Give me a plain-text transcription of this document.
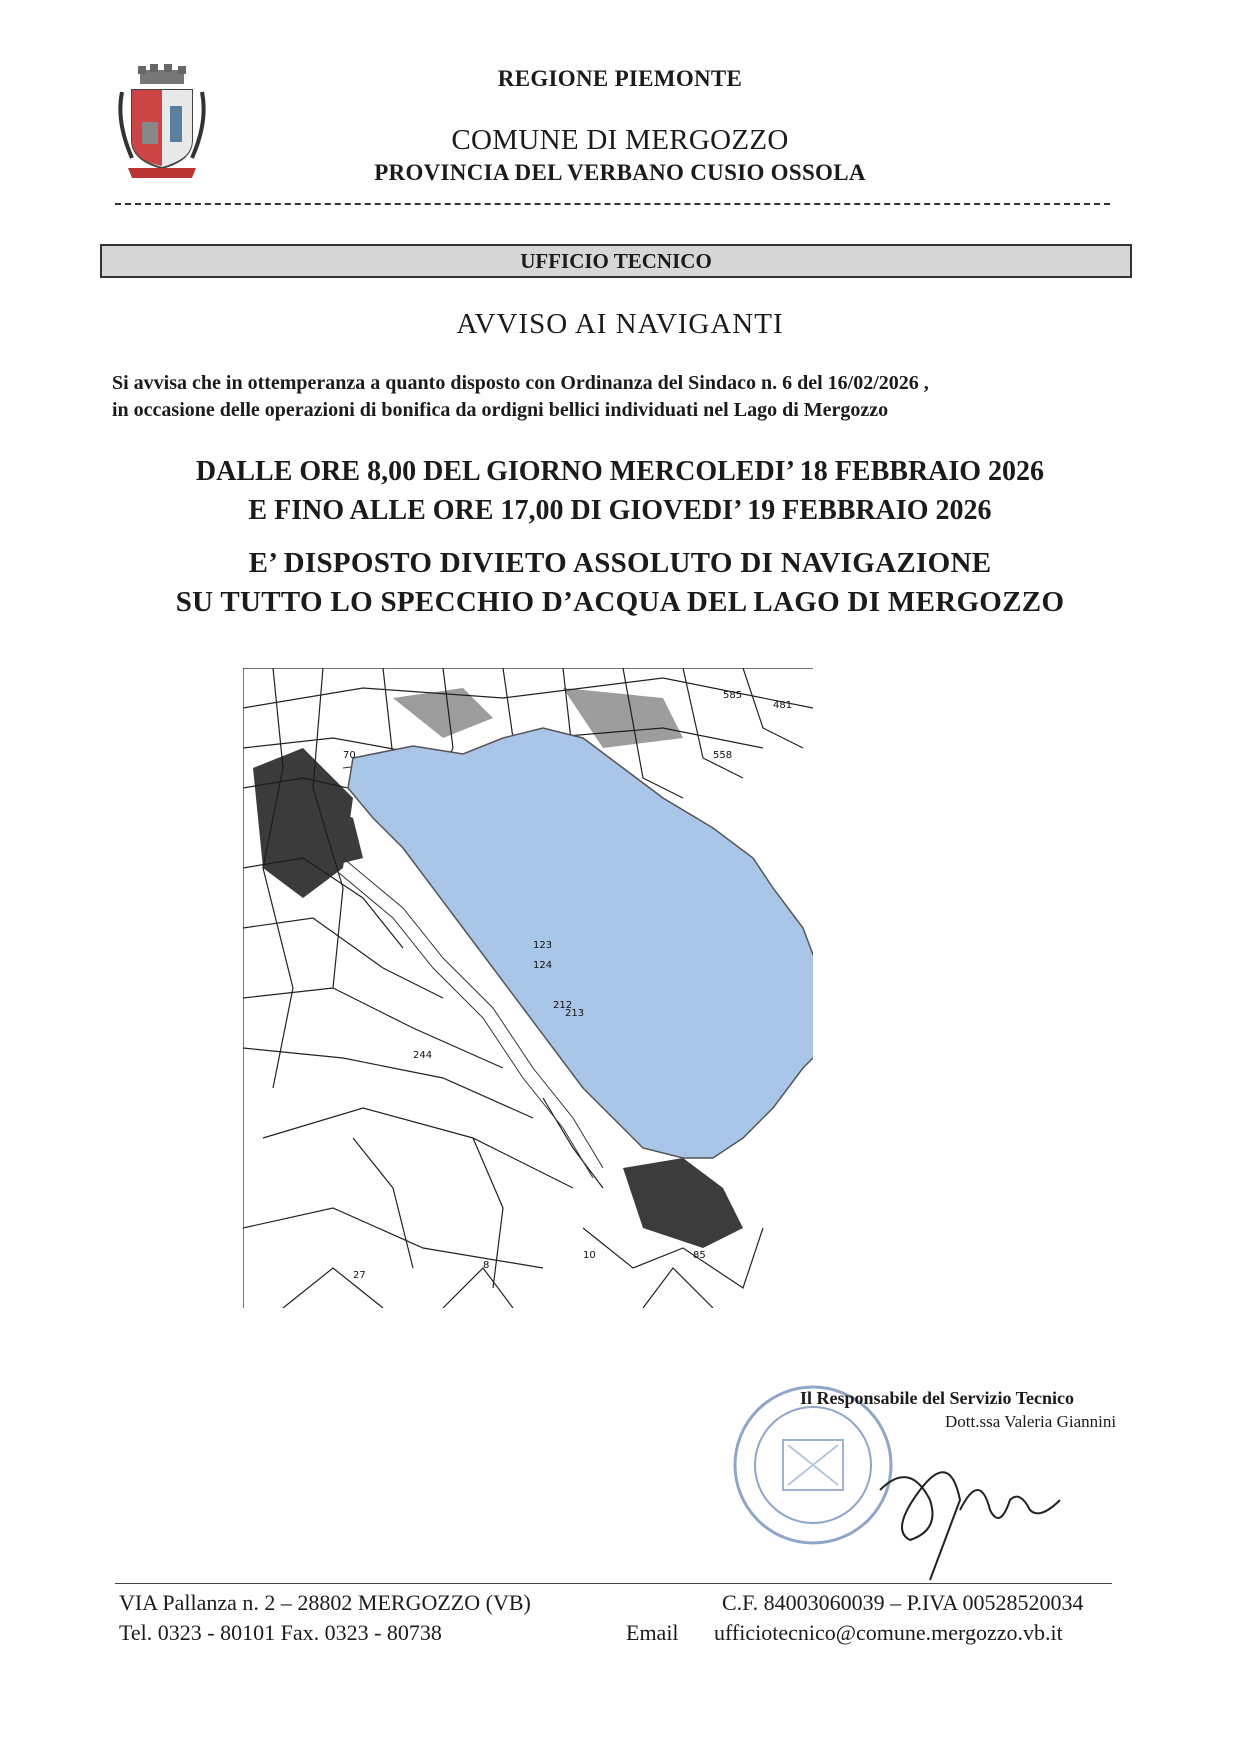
REGIONE PIEMONTE
COMUNE DI MERGOZZO
PROVINCIA DEL VERBANO CUSIO OSSOLA
UFFICIO TECNICO
AVVISO AI NAVIGANTI
Si avvisa che in ottemperanza a quanto disposto con Ordinanza del Sindaco n. 6 del 16/02/2026 ,
in occasione delle operazioni di bonifica da ordigni bellici individuati nel Lago di Mergozzo
DALLE ORE 8,00 DEL GIORNO MERCOLEDI’ 18 FEBBRAIO 2026
E FINO ALLE ORE 17,00 DI GIOVEDI’ 19 FEBBRAIO 2026
E’ DISPOSTO DIVIETO ASSOLUTO DI NAVIGAZIONE
SU TUTTO LO SPECCHIO D’ACQUA DEL LAGO DI MERGOZZO
70
244
212
213
123
124
585
481
558
10	85
27
8
Il Responsabile del Servizio Tecnico
Dott.ssa Valeria Giannini
VIA Pallanza n. 2 – 28802 MERGOZZO (VB)
Tel. 0323 - 80101 Fax. 0323 - 80738
C.F. 84003060039 – P.IVA 00528520034
Email ufficiotecnico@comune.mergozzo.vb.it
